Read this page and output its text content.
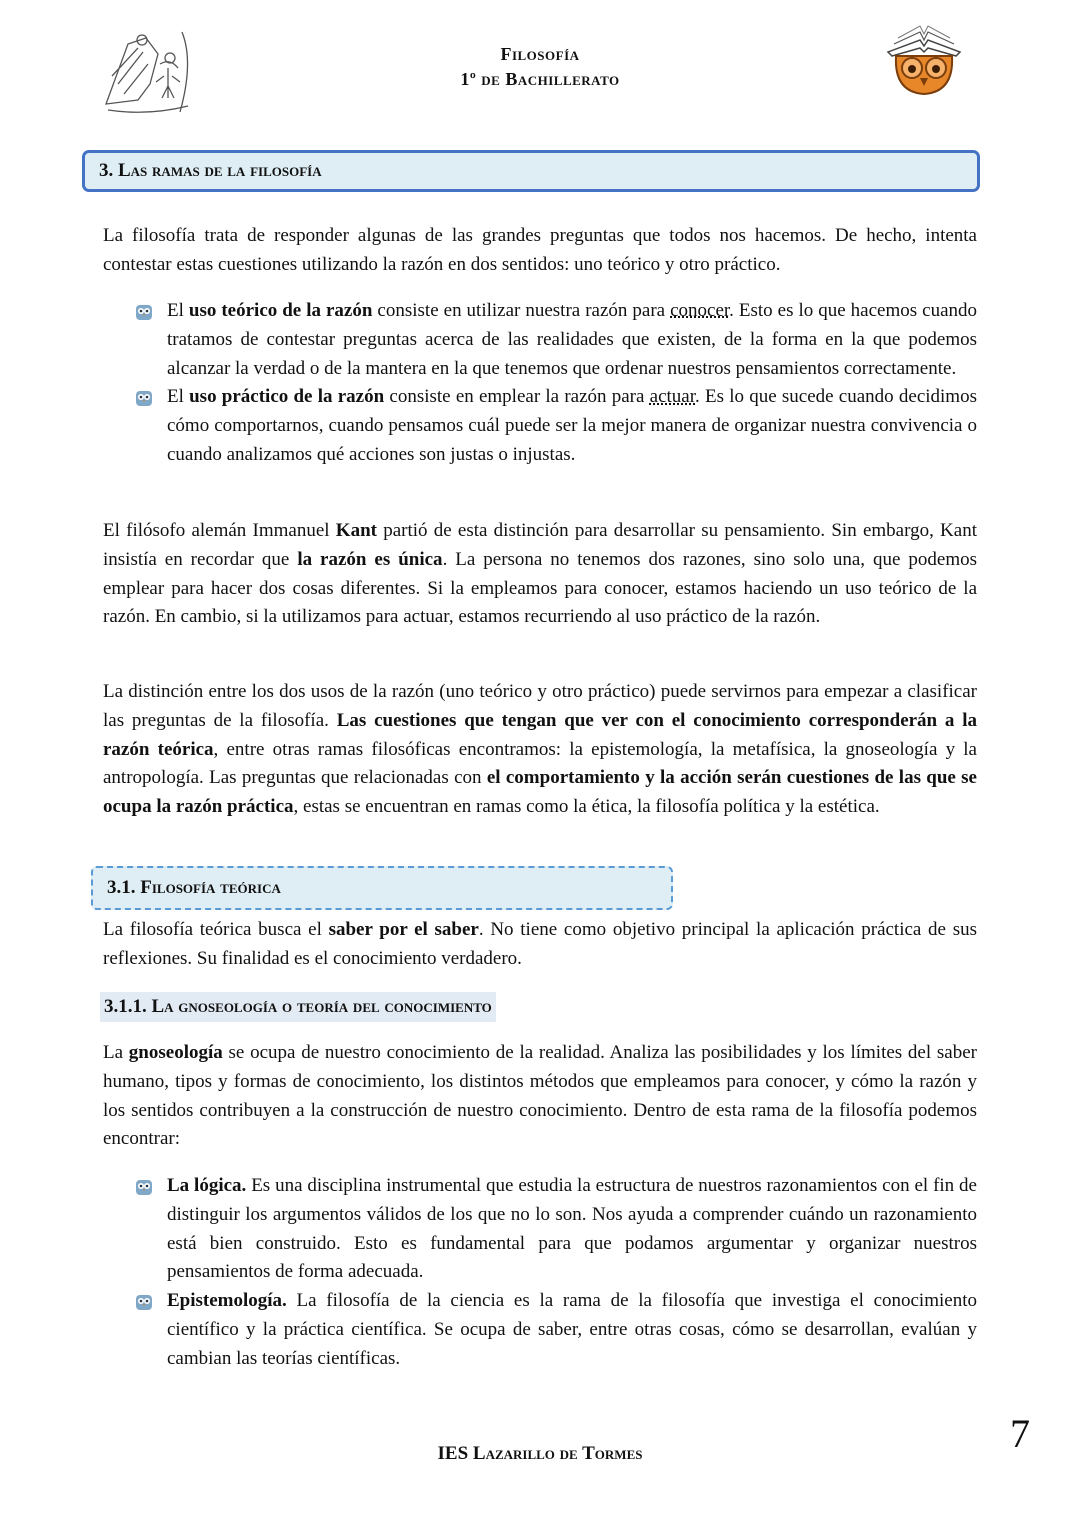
Filosofía
1º de Bachillerato
3. Las ramas de la filosofía

La filosofía trata de responder algunas de las grandes preguntas que todos nos hacemos. De hecho, intenta contestar estas cuestiones utilizando la razón en dos sentidos: uno teórico y otro práctico.

El uso teórico de la razón consiste en utilizar nuestra razón para conocer. Esto es lo que hacemos cuando tratamos de contestar preguntas acerca de las realidades que existen, de la forma en la que podemos alcanzar la verdad o de la mantera en la que tenemos que ordenar nuestros pensamientos correctamente.
El uso práctico de la razón consiste en emplear la razón para actuar. Es lo que sucede cuando decidimos cómo comportarnos, cuando pensamos cuál puede ser la mejor manera de organizar nuestra convivencia o cuando analizamos qué acciones son justas o injustas.

El filósofo alemán Immanuel Kant partió de esta distinción para desarrollar su pensamiento. Sin embargo, Kant insistía en recordar que la razón es única. La persona no tenemos dos razones, sino solo una, que podemos emplear para hacer dos cosas diferentes. Si la empleamos para conocer, estamos haciendo un uso teórico de la razón. En cambio, si la utilizamos para actuar, estamos recurriendo al uso práctico de la razón.

La distinción entre los dos usos de la razón (uno teórico y otro práctico) puede servirnos para empezar a clasificar las preguntas de la filosofía. Las cuestiones que tengan que ver con el conocimiento corresponderán a la razón teórica, entre otras ramas filosóficas encontramos: la epistemología, la metafísica, la gnoseología y la antropología. Las preguntas que relacionadas con el comportamiento y la acción serán cuestiones de las que se ocupa la razón práctica, estas se encuentran en ramas como la ética, la filosofía política y la estética.

3.1. Filosofía teórica

La filosofía teórica busca el saber por el saber. No tiene como objetivo principal la aplicación práctica de sus reflexiones. Su finalidad es el conocimiento verdadero.

3.1.1. La gnoseología o teoría del conocimiento

La gnoseología se ocupa de nuestro conocimiento de la realidad. Analiza las posibilidades y los límites del saber humano, tipos y formas de conocimiento, los distintos métodos que empleamos para conocer, y cómo la razón y los sentidos contribuyen a la construcción de nuestro conocimiento. Dentro de esta rama de la filosofía podemos encontrar:

La lógica. Es una disciplina instrumental que estudia la estructura de nuestros razonamientos con el fin de distinguir los argumentos válidos de los que no lo son. Nos ayuda a comprender cuándo un razonamiento está bien construido. Esto es fundamental para que podamos argumentar y organizar nuestros pensamientos de forma adecuada.
Epistemología. La filosofía de la ciencia es la rama de la filosofía que investiga el conocimiento científico y la práctica científica. Se ocupa de saber, entre otras cosas, cómo se desarrollan, evalúan y cambian las teorías científicas.
IES Lazarillo de Tormes	7
